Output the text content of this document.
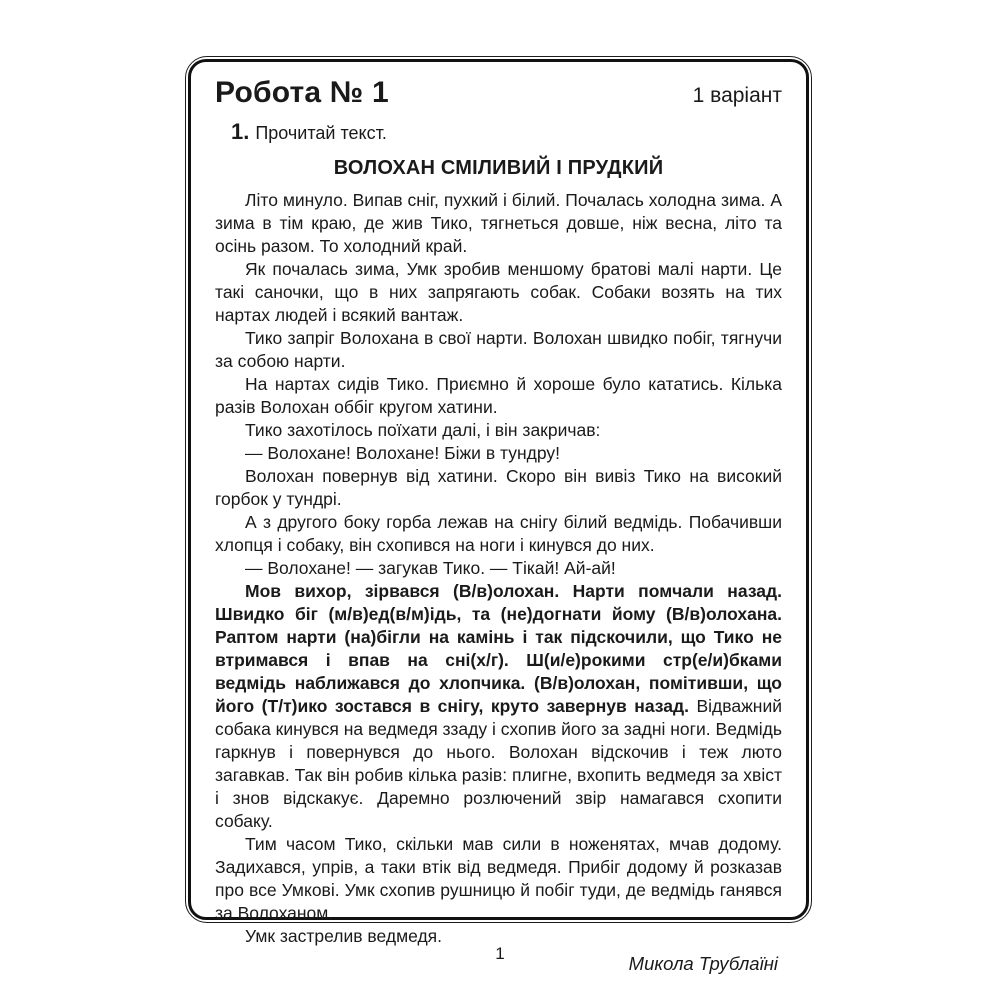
Робота № 1	1 варіант
1. Прочитай текст.
ВОЛОХАН СМІЛИВИЙ І ПРУДКИЙ

Літо минуло. Випав сніг, пухкий і білий. Почалась холодна зима. А зима в тім краю, де жив Тико, тягнеться довше, ніж весна, літо та осінь разом. То холодний край.

Як почалась зима, Умк зробив меншому братові малі нарти. Це такі саночки, що в них запрягають собак. Собаки возять на тих нартах людей і всякий вантаж.

Тико запріг Волохана в свої нарти. Волохан швидко побіг, тягнучи за собою нарти.

На нартах сидів Тико. Приємно й хороше було кататись. Кілька разів Волохан оббіг кругом хатини.

Тико захотілось поїхати далі, і він закричав:

— Волохане! Волохане! Біжи в тундру!

Волохан повернув від хатини. Скоро він вивіз Тико на високий горбок у тундрі.

А з другого боку горба лежав на снігу білий ведмідь. Побачивши хлопця і собаку, він схопився на ноги і кинувся до них.

— Волохане! — загукав Тико. — Тікай! Ай-ай!

Мов вихор, зірвався (В/в)олохан. Нарти помчали назад. Швидко біг (м/в)ед(в/м)ідь, та (не)догнати йому (В/в)олохана. Раптом нарти (на)бігли на камінь і так підскочили, що Тико не втримався і впав на сні(х/г). Ш(и/е)рокими стр(е/и)бками ведмідь наближався до хлопчика. (В/в)олохан, помітивши, що його (Т/т)ико зостався в снігу, круто завернув назад. Відважний собака кинувся на ведмедя ззаду і схопив його за задні ноги. Ведмідь гаркнув і повернувся до нього. Волохан відскочив і теж люто загавкав. Так він робив кілька разів: плигне, вхопить ведмедя за хвіст і знов відскакує. Даремно розлючений звір намагався схопити собаку.

Тим часом Тико, скільки мав сили в ноженятах, мчав додому. Задихався, упрів, а таки втік від ведмедя. Прибіг додому й розказав про все Умкові. Умк схопив рушницю й побіг туди, де ведмідь ганявся за Волоханом.

Умк застрелив ведмедя.

Микола Трублаїні
1
